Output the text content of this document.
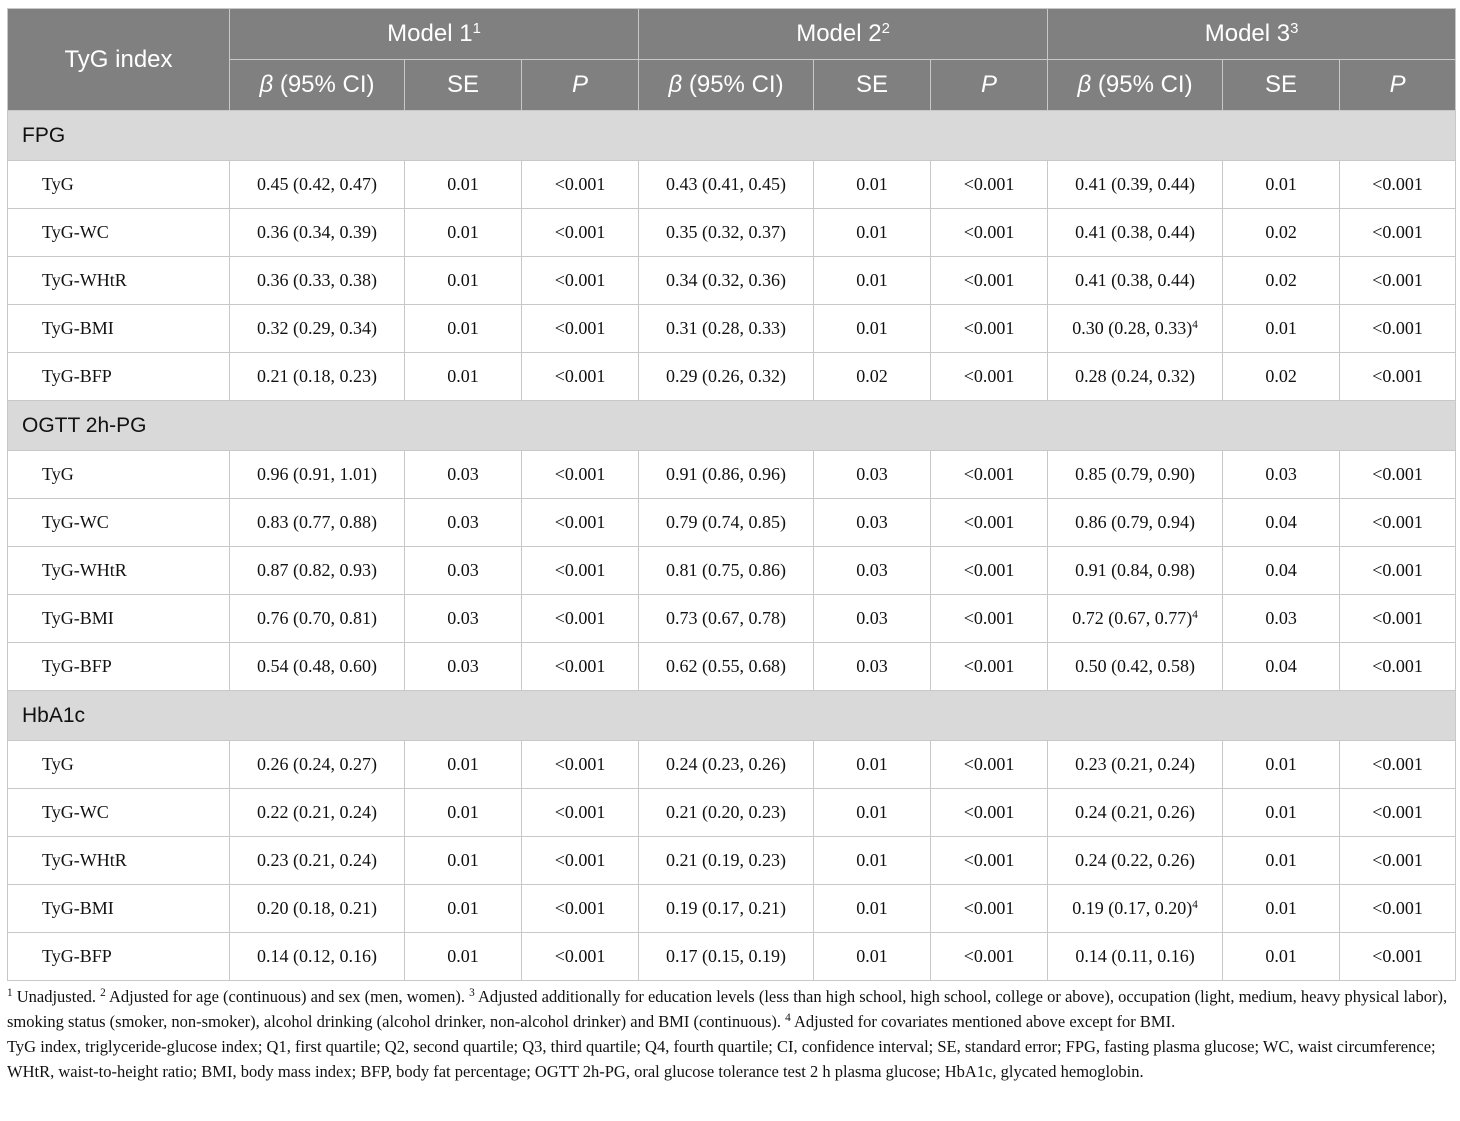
TyG index	Model $1^1$			Model $2^2$			Model $3^3$
	β (95% CI)	SE	P	β (95% CI)	SE	P	β (95% CI)	SE	P
FPG									
TyG	0.45 (0.42, 0.47)	0.01	<0.001	0.43 (0.41, 0.45)	0.01	<0.001	0.41 (0.39, 0.44)	0.01	<0.001
TyG-WC	0.36 (0.34, 0.39)	0.01	<0.001	0.35 (0.32, 0.37)	0.01	<0.001	0.41 (0.38, 0.44)	0.02	<0.001
TyG-WHtR	0.36 (0.33, 0.38)	0.01	<0.001	0.34 (0.32, 0.36)	0.01	<0.001	0.41 (0.38, 0.44)	0.02	<0.001
TyG-BMI	0.32 (0.29, 0.34)	0.01	<0.001	0.31 (0.28, 0.33)	0.01	<0.001	0.30 (0.28, 0.33)$^4$	0.01	<0.001
TyG-BFP	0.21 (0.18, 0.23)	0.01	<0.001	0.29 (0.26, 0.32)	0.02	<0.001	0.28 (0.24, 0.32)	0.02	<0.001
OGTT 2h-PG									
TyG	0.96 (0.91, 1.01)	0.03	<0.001	0.91 (0.86, 0.96)	0.03	<0.001	0.85 (0.79, 0.90)	0.03	<0.001
TyG-WC	0.83 (0.77, 0.88)	0.03	<0.001	0.79 (0.74, 0.85)	0.03	<0.001	0.86 (0.79, 0.94)	0.04	<0.001
TyG-WHtR	0.87 (0.82, 0.93)	0.03	<0.001	0.81 (0.75, 0.86)	0.03	<0.001	0.91 (0.84, 0.98)	0.04	<0.001
TyG-BMI	0.76 (0.70, 0.81)	0.03	<0.001	0.73 (0.67, 0.78)	0.03	<0.001	0.72 (0.67, 0.77)$^4$	0.03	<0.001
TyG-BFP	0.54 (0.48, 0.60)	0.03	<0.001	0.62 (0.55, 0.68)	0.03	<0.001	0.50 (0.42, 0.58)	0.04	<0.001
HbA1c									
TyG	0.26 (0.24, 0.27)	0.01	<0.001	0.24 (0.23, 0.26)	0.01	<0.001	0.23 (0.21, 0.24)	0.01	<0.001
TyG-WC	0.22 (0.21, 0.24)	0.01	<0.001	0.21 (0.20, 0.23)	0.01	<0.001	0.24 (0.21, 0.26)	0.01	<0.001
TyG-WHtR	0.23 (0.21, 0.24)	0.01	<0.001	0.21 (0.19, 0.23)	0.01	<0.001	0.24 (0.22, 0.26)	0.01	<0.001
TyG-BMI	0.20 (0.18, 0.21)	0.01	<0.001	0.19 (0.17, 0.21)	0.01	<0.001	0.19 (0.17, 0.20)$^4$	0.01	<0.001
TyG-BFP	0.14 (0.12, 0.16)	0.01	<0.001	0.17 (0.15, 0.19)	0.01	<0.001	0.14 (0.11, 0.16)	0.01	<0.001

$^1$ Unadjusted. $^2$ Adjusted for age (continuous) and sex (men, women). $^3$ Adjusted additionally for education levels (less than high school, high school, college or above), occupation (light, medium, heavy physical labor), smoking status (smoker, non-smoker), alcohol drinking (alcohol drinker, non-alcohol drinker) and BMI (continuous). $^4$ Adjusted for covariates mentioned above except for BMI.

TyG index, triglyceride-glucose index; Q1, first quartile; Q2, second quartile; Q3, third quartile; Q4, fourth quartile; CI, confidence interval; SE, standard error; FPG, fasting plasma glucose; WC, waist circumference; WHtR, waist-to-height ratio; BMI, body mass index; BFP, body fat percentage; OGTT 2h-PG, oral glucose tolerance test 2 h plasma glucose; HbA1c, glycated hemoglobin.
